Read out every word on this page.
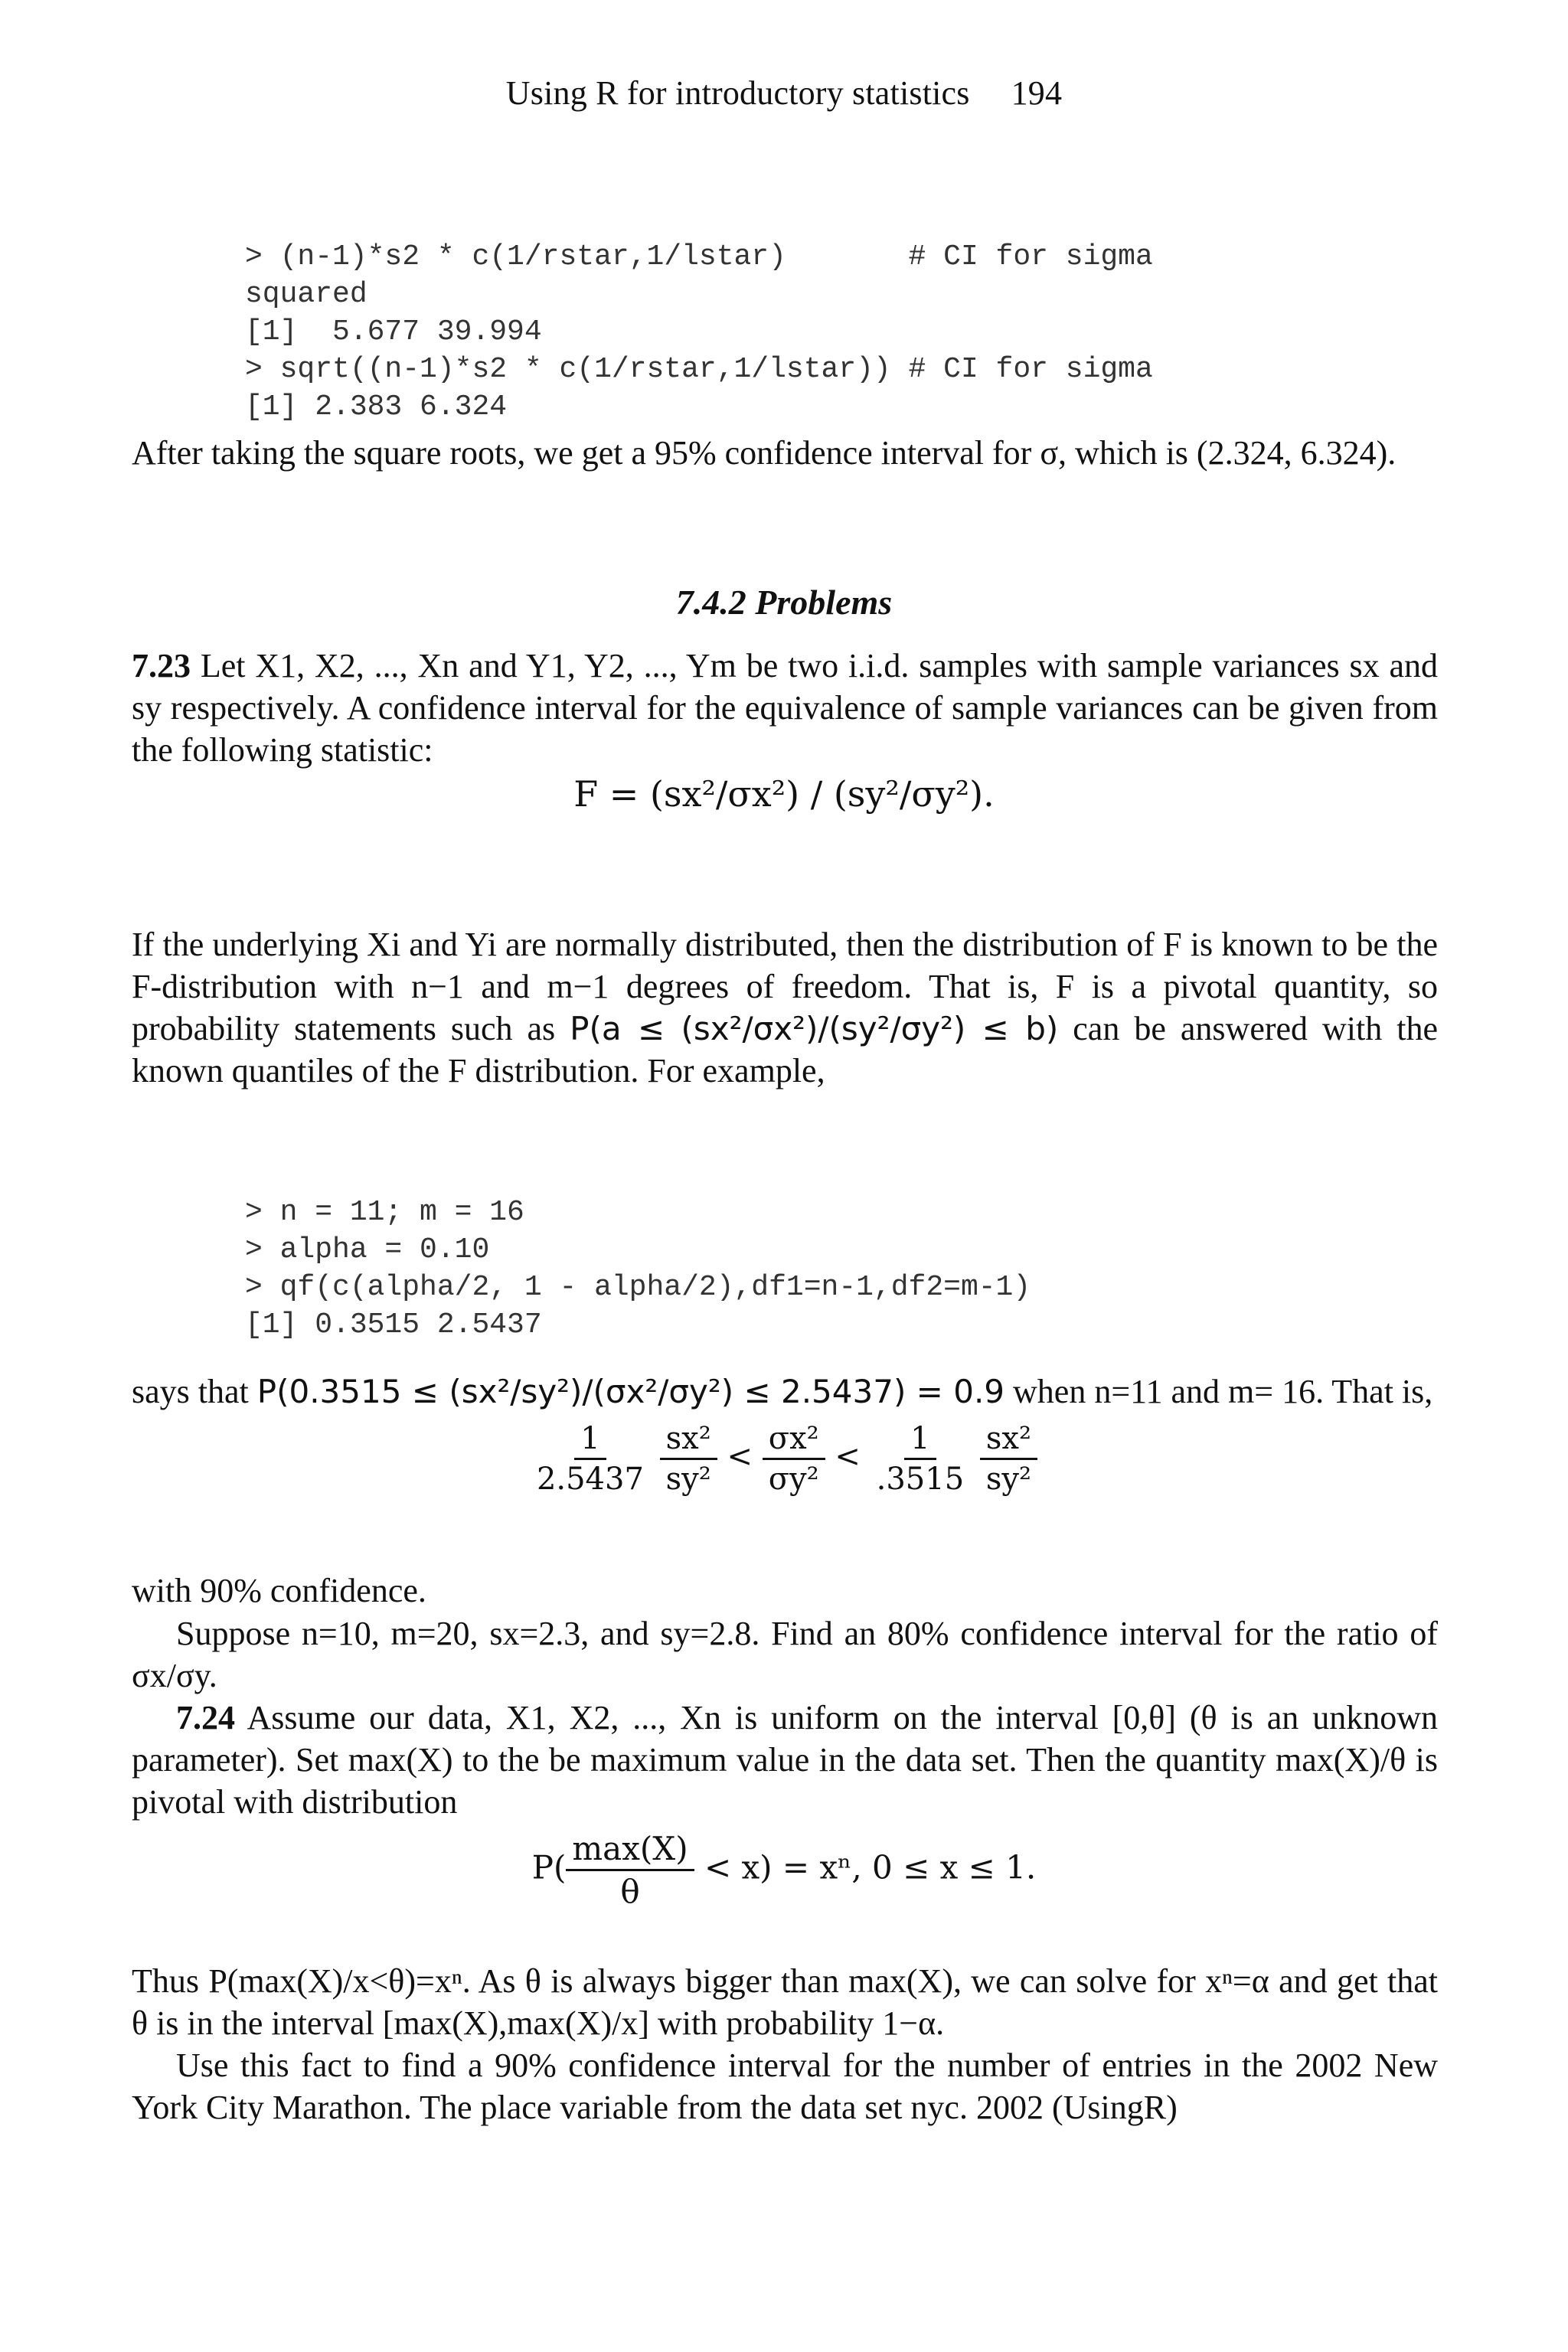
Using R for introductory statistics 194

> (n-1)*s2 * c(1/rstar,1/lstar)       # CI for sigma
squared
[1]  5.677 39.994
> sqrt((n-1)*s2 * c(1/rstar,1/lstar)) # CI for sigma
[1] 2.383 6.324

After taking the square roots, we get a 95% confidence interval for σ, which is (2.324, 6.324).
7.4.2 Problems
7.23 Let X1, X2, ..., Xn and Y1, Y2, ..., Ym be two i.i.d. samples with sample variances sx and sy respectively. A confidence interval for the equivalence of sample variances can be given from the following statistic:
F = (sx²/σx²) / (sy²/σy²).
If the underlying Xi and Yi are normally distributed, then the distribution of F is known to be the F-distribution with n−1 and m−1 degrees of freedom. That is, F is a pivotal quantity, so probability statements such as P(a ≤ (sx²/σx²)/(sy²/σy²) ≤ b) can be answered with the known quantiles of the F distribution. For example,

> n = 11; m = 16
> alpha = 0.10
> qf(c(alpha/2, 1 - alpha/2),df1=n-1,df2=m-1)
[1] 0.3515 2.5437

says that P(0.3515 ≤ (sx²/sy²)/(σx²/σy²) ≤ 2.5437) = 0.9 when n=11 and m= 16. That is,
$\frac{1}{2.5437}$
$\frac{\text{sx²}}{\text{sy²}} < \frac{\text{σx²}}{\text{σy²}} < \frac{1}{.3515}$
$\frac{\text{sx²}}{\text{sy²}}$
with 90% confidence.
Suppose n=10, m=20, sx=2.3, and sy=2.8. Find an 80% confidence interval for the ratio of σx/σy.
7.24 Assume our data, X1, X2, ..., Xn is uniform on the interval [0,θ] (θ is an unknown parameter). Set max(X) to the be maximum value in the data set. Then the quantity max(X)/θ is pivotal with distribution
$P( \frac{\max(X)}{\theta} < x) = x^n$, 0 ≤ x ≤ 1.
Thus P(max(X)/x<θ)=xⁿ. As θ is always bigger than max(X), we can solve for xⁿ=α and get that θ is in the interval [max(X),max(X)/x] with probability 1−α.
Use this fact to find a 90% confidence interval for the number of entries in the 2002 New York City Marathon. The place variable from the data set nyc. 2002 (UsingR)
